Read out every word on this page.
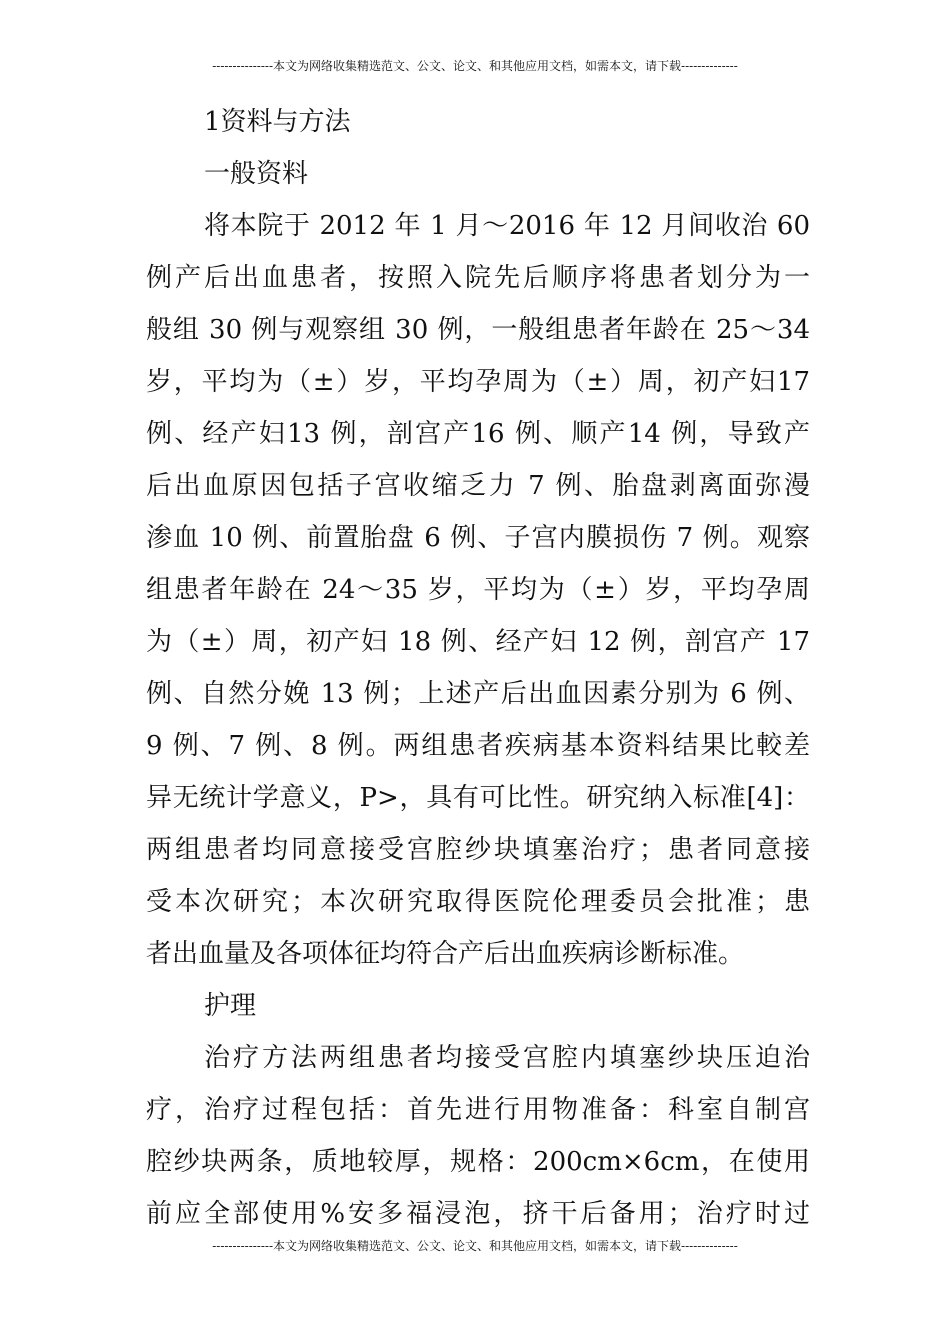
---------------本文为网络收集精选范文、公文、论文、和其他应用文档，如需本文，请下载--------------
1资料与方法
一般资料
将本院于 2012 年 1 月～2016 年 12 月间收治 60
例产后出血患者，按照入院先后顺序将患者划分为一
般组 30 例与观察组 30 例，一般组患者年龄在 25～34
岁，平均为（±）岁，平均孕周为（±）周，初产妇17
例、经产妇13 例，剖宫产16 例、顺产14 例，导致产
后出血原因包括子宫收缩乏力 7 例、胎盘剥离面弥漫
渗血 10 例、前置胎盘 6 例、子宫内膜损伤 7 例。观察
组患者年龄在 24～35 岁，平均为（±）岁，平均孕周
为（±）周，初产妇 18 例、经产妇 12 例，剖宫产 17
例、自然分娩 13 例；上述产后出血因素分别为 6 例、
9 例、7 例、8 例。两组患者疾病基本资料结果比較差
异无统计学意义，P>，具有可比性。研究纳入标准[4]：
两组患者均同意接受宫腔纱块填塞治疗；患者同意接
受本次研究；本次研究取得医院伦理委员会批准；患
者出血量及各项体征均符合产后出血疾病诊断标准。
护理
治疗方法两组患者均接受宫腔内填塞纱块压迫治
疗，治疗过程包括：首先进行用物准备：科室自制宫
腔纱块两条，质地较厚，规格：200cm×6cm，在使用
前应全部使用%安多福浸泡，挤干后备用；治疗时过
---------------本文为网络收集精选范文、公文、论文、和其他应用文档，如需本文，请下载--------------
